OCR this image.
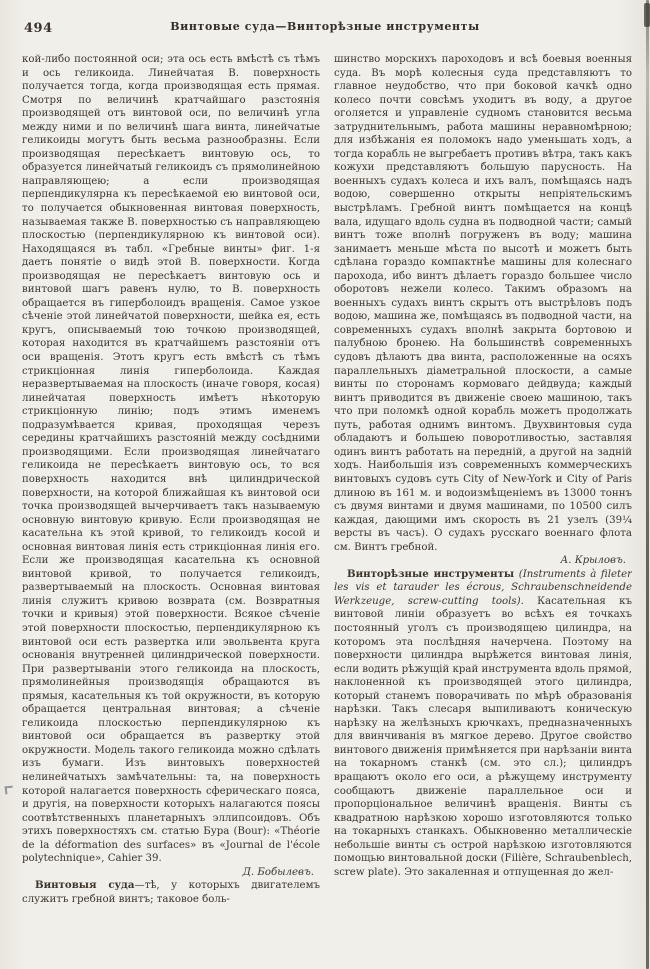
494	Винтовые суда—Винторѣзные инструменты

кой-либо постоянной оси; эта ось есть вмѣстѣ съ тѣмъ и ось геликоида. Линейчатая В. поверхность получается тогда, когда производящая есть прямая. Смотря по величинѣ кратчайшаго разстоянія производящей отъ винтовой оси, по величинѣ угла между ними и по величинѣ шага винта, линейчатые геликоиды могутъ быть весьма разнообразны. Если производящая пересѣкаетъ винтовую ось, то образуется линейчатый геликоидъ съ прямолинейною направляющею; а если производящая перпендикулярна къ пересѣкаемой ею винтовой оси, то получается обыкновенная винтовая поверхность, называемая также В. поверхностью съ направляющею плоскостью (перпендикулярною къ винтовой оси). Находящаяся въ табл. «Гребные винты» фиг. 1-я даетъ понятіе о видѣ этой В. поверхности. Когда производящая не пересѣкаетъ винтовую ось и винтовой шагъ равенъ нулю, то В. поверхность обращается въ гиперболоидъ вращенія. Самое узкое сѣченіе этой линейчатой поверхности, шейка ея, есть кругъ, описываемый тою точкою производящей, которая находится въ кратчайшемъ разстояніи отъ оси вращенія. Этотъ кругъ есть вмѣстѣ съ тѣмъ стрикціонная линія гиперболоида. Каждая неразвертываемая на плоскость (иначе говоря, косая) линейчатая поверхность имѣетъ нѣкоторую стрикціонную линію; подъ этимъ именемъ подразумѣвается кривая, проходящая черезъ середины кратчайшихъ разстояній между сосѣдними производящими. Если производящая линейчатаго геликоида не пересѣкаетъ винтовую ось, то вся поверхность находится внѣ цилиндрической поверхности, на которой ближайшая къ винтовой оси точка производящей вычерчиваетъ такъ называемую основную винтовую кривую. Если производящая не касательна къ этой кривой, то геликоидъ косой и основная винтовая линія есть стрикціонная линія его. Если же производящая касательна къ основной винтовой кривой, то получается геликоидъ, развертываемый на плоскость. Основная винтовая линія служитъ кривою возврата (см. Возвратныя точки и кривыя) этой поверхности. Всякое сѣченіе этой поверхности плоскостью, перпендикулярною къ винтовой оси есть развертка или эвольвента круга основанія внутренней цилиндрической поверхности. При развертываніи этого геликоида на плоскость, прямолинейныя производящія обращаются въ прямыя, касательныя къ той окружности, въ которую обращается центральная винтовая; а сѣченіе геликоида плоскостью перпендикулярною къ винтовой оси обращается въ развертку этой окружности. Модель такого геликоида можно сдѣлать изъ бумаги. Изъ винтовыхъ поверхностей нелинейчатыхъ замѣчательны: та, на поверхность которой налагается поверхность сферическаго пояса, и другія, на поверхности которыхъ налагаются поясы соотвѣтственныхъ планетарныхъ эллипсоидовъ. Объ этихъ поверхностяхъ см. статью Бура (Bour): «Théorie de la déformation des surfaces» въ «Journal de l'école polytechnique», Cahier 39.

Д. Бобылевъ.

Винтовыя суда—тѣ, у которыхъ двигателемъ служитъ гребной винтъ; таковое боль-

шинство морскихъ пароходовъ и всѣ боевыя военныя суда. Въ морѣ колесныя суда представляютъ то главное неудобство, что при боковой качкѣ одно колесо почти совсѣмъ уходитъ въ воду, а другое оголяется и управленіе судномъ становится весьма затруднительнымъ, работа машины неравномѣрною; для избѣжанія ея поломокъ надо уменьшать ходъ, а тогда корабль не выгребаетъ противъ вѣтра, такъ какъ кожухи представляютъ большую парусность. На военныхъ судахъ колеса и ихъ валъ, помѣщаясь надъ водою, совершенно открыты непріятельскимъ выстрѣламъ. Гребной винтъ помѣщается на концѣ вала, идущаго вдоль судна въ подводной части; самый винтъ тоже вполнѣ погруженъ въ воду; машина занимаетъ меньше мѣста по высотѣ и можетъ быть сдѣлана гораздо компактнѣе машины для колеснаго парохода, ибо винтъ дѣлаетъ гораздо большее число оборотовъ нежели колесо. Такимъ образомъ на военныхъ судахъ винтъ скрытъ отъ выстрѣловъ подъ водою, машина же, помѣщаясь въ подводной части, на современныхъ судахъ вполнѣ закрыта бортовою и палубною бронею. На большинствѣ современныхъ судовъ дѣлаютъ два винта, расположенные на осяхъ параллельныхъ діаметральной плоскости, а самые винты по сторонамъ кормоваго дейдвуда; каждый винтъ приводится въ движеніе своею машиною, такъ что при поломкѣ одной корабль можетъ продолжать путь, работая однимъ винтомъ. Двухвинтовыя суда обладаютъ и большею поворотливостью, заставляя одинъ винтъ работать на передній, а другой на задній ходъ. Наибольшія изъ современныхъ коммерческихъ винтовыхъ судовъ суть City of New-York и City of Paris длиною въ 161 м. и водоизмѣщеніемъ въ 13000 тоннъ съ двумя винтами и двумя машинами, по 10500 силъ каждая, дающими имъ скорость въ 21 узелъ (39¼ версты въ часъ). О судахъ русскаго военнаго флота см. Винтъ гребной.

А. Крыловъ.

Винторѣзные инструменты (Instruments à fileter les vis et tarauder les écrous, Schraubenschneidende Werkzeuge, screw-cutting tools). Касательная къ винтовой линіи образуетъ во всѣхъ ея точкахъ постоянный уголъ съ производящею цилиндра, на которомъ эта послѣдняя начерчена. Поэтому на поверхности цилиндра вырѣжется винтовая линія, если водить рѣжущій край инструмента вдоль прямой, наклоненной къ производящей этого цилиндра, который станемъ поворачивать по мѣрѣ образованія нарѣзки. Такъ слесаря выпиливаютъ коническую нарѣзку на желѣзныхъ крючкахъ, предназначенныхъ для ввинчиванія въ мягкое дерево. Другое свойство винтового движенія примѣняется при нарѣзаніи винта на токарномъ станкѣ (см. это сл.); цилиндръ вращаютъ около его оси, а рѣжущему инструменту сообщаютъ движеніе параллельное оси и пропорціональное величинѣ вращенія. Винты съ квадратною нарѣзкою хорошо изготовляются только на токарныхъ станкахъ. Обыкновенно металлическіе небольшіе винты съ острой нарѣзкою изготовляются помощью винтовальной доски (Filière, Schraubenblech, screw plate). Это закаленная и отпущенная до жел-
